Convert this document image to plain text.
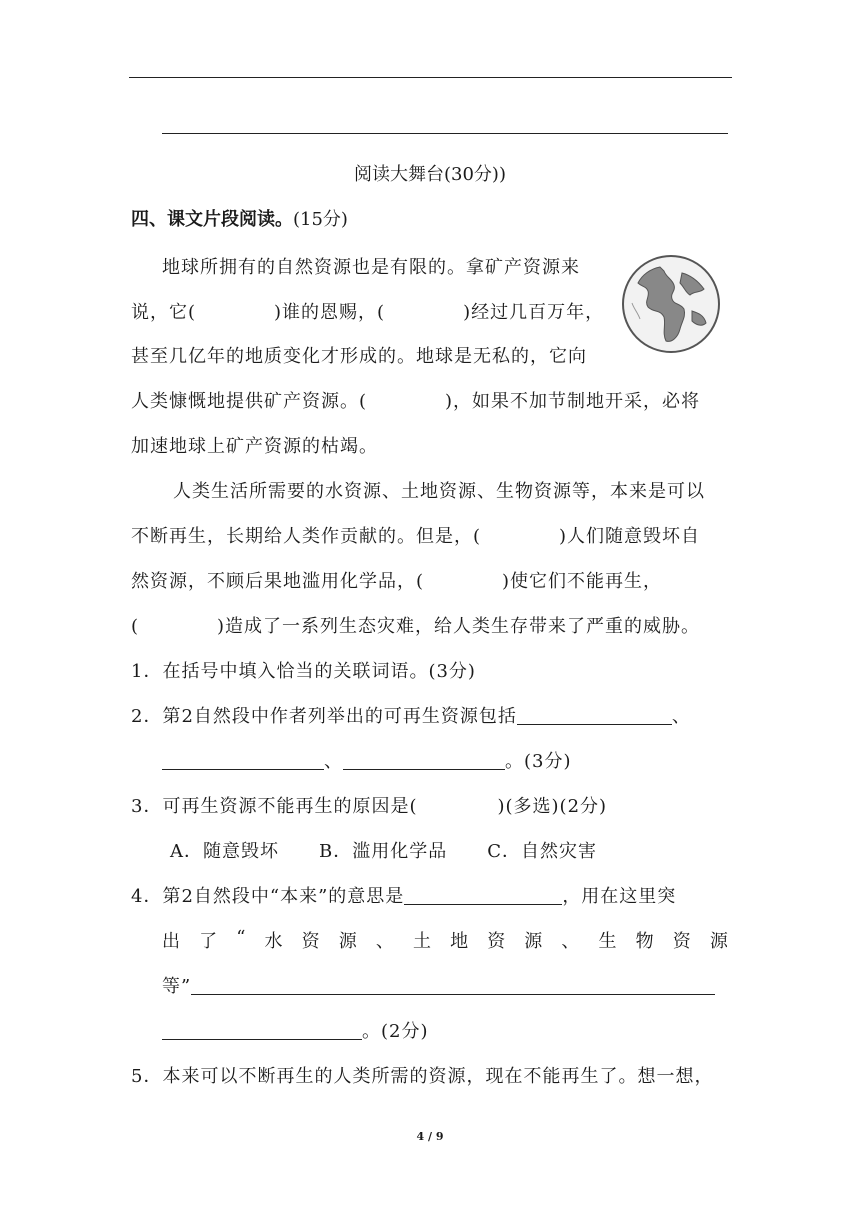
阅读大舞台(30分))
四、课文片段阅读。(15分)
地球所拥有的自然资源也是有限的。拿矿产资源来
说，它(	)谁的恩赐，(	)经过几百万年，
甚至几亿年的地质变化才形成的。地球是无私的，它向
人类慷慨地提供矿产资源。(	)，如果不加节制地开采，必将
加速地球上矿产资源的枯竭。
人类生活所需要的水资源、土地资源、生物资源等，本来是可以
不断再生，长期给人类作贡献的。但是，(	)人们随意毁坏自
然资源，不顾后果地滥用化学品，(	)使它们不能再生，
(	)造成了一系列生态灾难，给人类生存带来了严重的威胁。
1．在括号中填入恰当的关联词语。(3分)
2．第2自然段中作者列举出的可再生资源包括	、
、	。(3分)
3．可再生资源不能再生的原因是(	)(多选)(2分)
A．随意毁坏 B．滥用化学品 C．自然灾害
4．第2自然段中“本来”的意思是	，用在这里突
出 了 “ 水 资 源 、 土 地 资 源 、 生 物 资 源
等”
。(2分)
5．本来可以不断再生的人类所需的资源，现在不能再生了。想一想，
4 / 9
